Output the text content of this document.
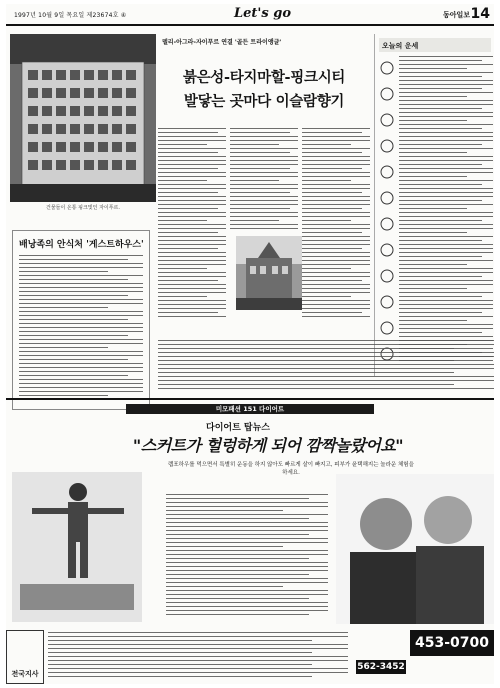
1997년 10월 9일 목요일 제23674호 ④	Let's go	동아일보 14
건물들이 온통 핑크빛인 자이푸르.
델리-아그라-자이푸르 연결 '골든 트라이앵글'
붉은성-타지마할-핑크시티
발닿는 곳마다 이슬람향기
배낭족의 안식처 '게스트하우스'
오늘의 운세
미모패션 151 다이어트
다이어트 탑뉴스
"스커트가 헐렁하게 되어 깜짝놀랐어요"
랩포하우를 먹으면서 특별히 운동을 하지 않아도 빠르게 살이 빠지고, 피부가 윤택해지는 놀라운 체험을 하세요.
전국지사
453-0700
562-3452
